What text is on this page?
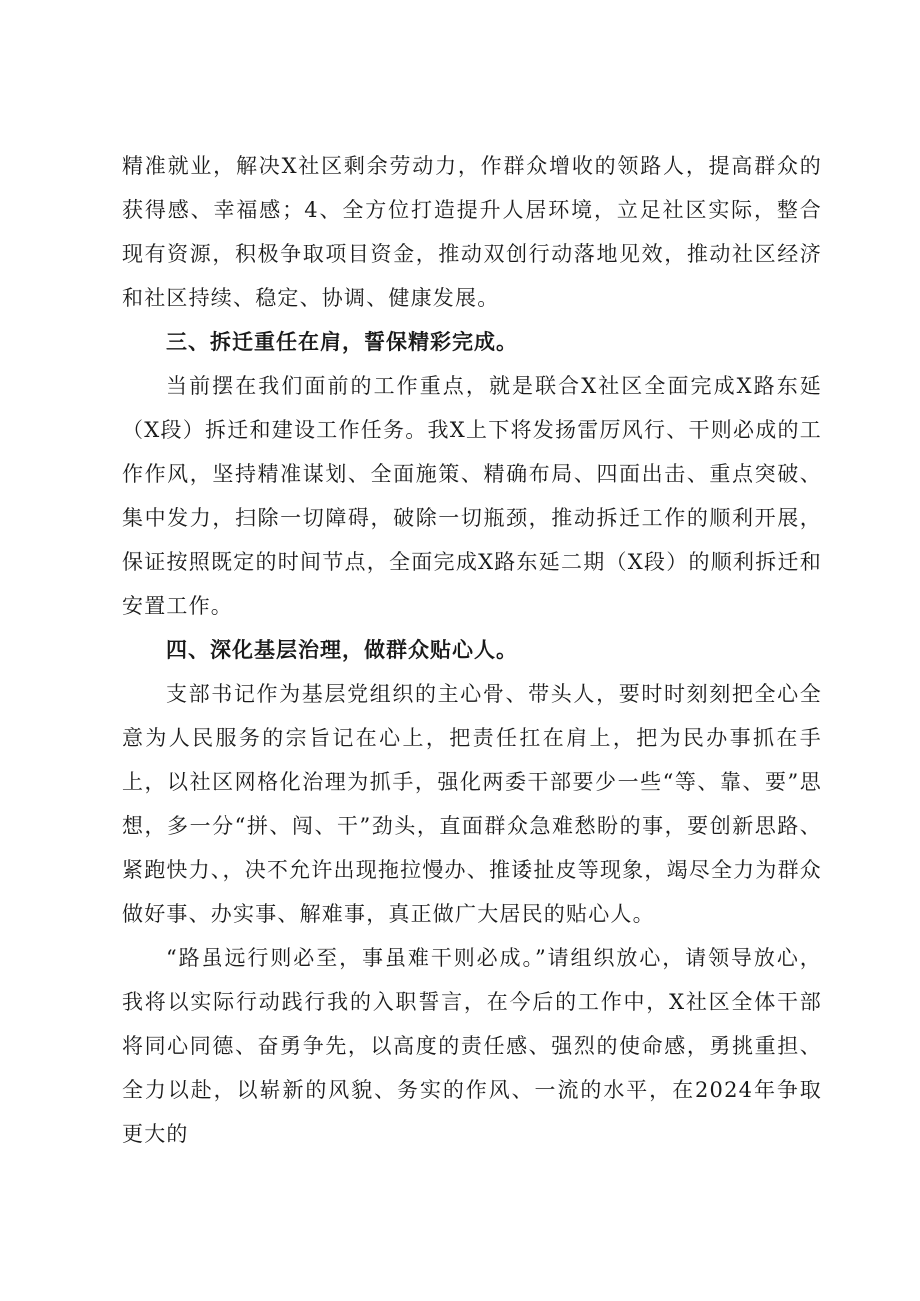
精准就业，解决X社区剩余劳动力，作群众增收的领路人，提高群众的获得感、幸福感；4、全方位打造提升人居环境，立足社区实际，整合现有资源，积极争取项目资金，推动双创行动落地见效，推动社区经济和社区持续、稳定、协调、健康发展。

三、拆迁重任在肩，誓保精彩完成。

当前摆在我们面前的工作重点，就是联合X社区全面完成X路东延（X段）拆迁和建设工作任务。我X上下将发扬雷厉风行、干则必成的工作作风，坚持精准谋划、全面施策、精确布局、四面出击、重点突破、集中发力，扫除一切障碍，破除一切瓶颈，推动拆迁工作的顺利开展，保证按照既定的时间节点，全面完成X路东延二期（X段）的顺利拆迁和安置工作。

四、深化基层治理，做群众贴心人。

支部书记作为基层党组织的主心骨、带头人，要时时刻刻把全心全意为人民服务的宗旨记在心上，把责任扛在肩上，把为民办事抓在手上，以社区网格化治理为抓手，强化两委干部要少一些“等、靠、要”思想，多一分“拼、闯、干”劲头，直面群众急难愁盼的事，要创新思路、紧跑快力、，决不允许出现拖拉慢办、推诿扯皮等现象，竭尽全力为群众做好事、办实事、解难事，真正做广大居民的贴心人。

“路虽远行则必至，事虽难干则必成。”请组织放心，请领导放心，我将以实际行动践行我的入职誓言，在今后的工作中，X社区全体干部将同心同德、奋勇争先，以高度的责任感、强烈的使命感，勇挑重担、全力以赴，以崭新的风貌、务实的作风、一流的水平，在2024年争取更大的
